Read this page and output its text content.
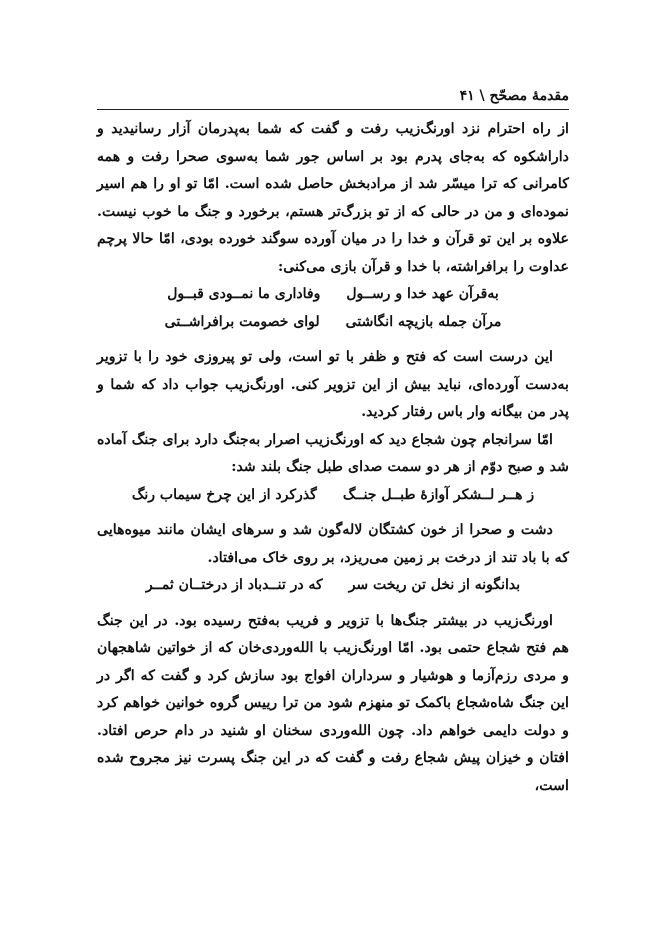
مقدمهٔ مصحّح \ ۴۱

از راه احترام نزد اورنگ‌زیب رفت و گفت که شما به‌پدرمان آزار رسانیدید و داراشکوه که به‌جای پدرم بود بر اساس جور شما به‌سوی صحرا رفت و همه کامرانی که ترا میسّر شد از مرادبخش حاصل شده است. امّا تو او را هم اسیر نموده‌ای و من در حالی که از تو بزرگ‌تر هستم، برخورد و جنگ ما خوب نیست. علاوه بر این تو قرآن و خدا را در میان آورده سوگند خورده بودی، امّا حالا پرچم عداوت را برافراشته، با خدا و قرآن بازی می‌کنی:

به‌قرآن عهد خدا و رســول
وفاداری ما نمــودی قبــول
مرآن جمله بازیچه انگاشتی
لوای خصومت برافراشــتی

این درست است که فتح و ظفر با تو است، ولی تو پیروزی خود را با تزویر به‌دست آورده‌ای، نباید بیش از این تزویر کنی. اورنگ‌زیب جواب داد که شما و پدر من بیگانه وار باس رفتار کردید.

امّا سرانجام چون شجاع دید که اورنگ‌زیب اصرار به‌جنگ دارد برای جنگ آماده شد و صبح دوّم از هر دو سمت صدای طبل جنگ بلند شد:

ز هــر لــشکر آوازهٔ طبــل جنــگ
گذرکرد از این چرخ سیماب رنگ

دشت و صحرا از خون کشتگان لاله‌گون شد و سرهای ایشان مانند میوه‌هایی که با باد تند از درخت بر زمین می‌ریزد، بر روی خاک می‌افتاد.

بدانگونه از نخل تن ریخت سر
که در تنــدباد از درختــان ثمــر

اورنگ‌زیب در بیشتر جنگ‌ها با تزویر و فریب به‌فتح رسیده بود. در این جنگ هم فتح شجاع حتمی بود. امّا اورنگ‌زیب با الله‌وردی‌خان که از خواتین شاهجهان و مردی رزم‌آزما و هوشیار و سرداران افواج بود سازش کرد و گفت که اگر در این جنگ شاه‌شجاع باکمک تو منهزم شود من ترا رییس گروه خوانین خواهم کرد و دولت دایمی خواهم داد. چون الله‌وردی سخنان او شنید در دام حرص افتاد. افتان و خیزان پیش شجاع رفت و گفت که در این جنگ پسرت نیز مجروح شده است،
